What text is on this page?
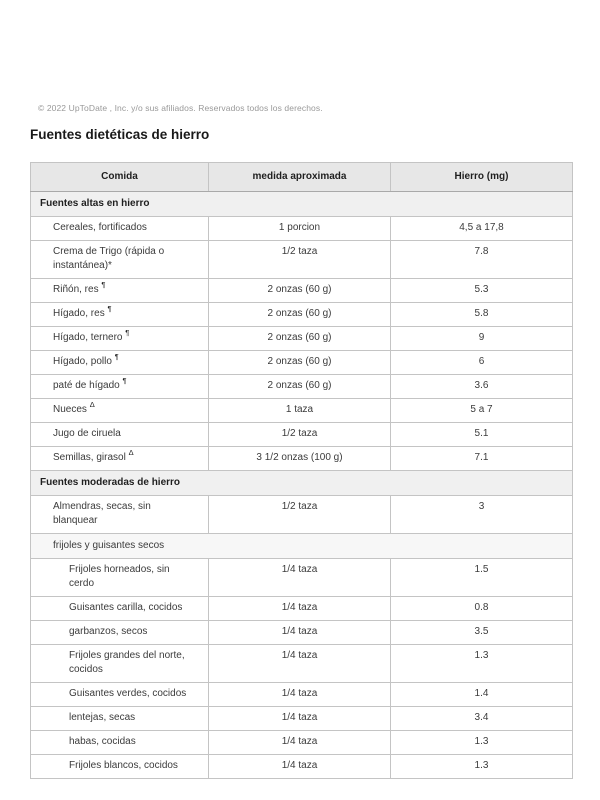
© 2022 UpToDate , Inc. y/o sus afiliados. Reservados todos los derechos.
Fuentes dietéticas de hierro
Comida	medida aproximada	Hierro (mg)
Fuentes altas en hierro		
Cereales, fortificados	1 porcion	4,5 a 17,8
Crema de Trigo (rápida o instantánea)*	1/2 taza	7.8
Riñón, res ¶	2 onzas (60 g)	5.3
Hígado, res ¶	2 onzas (60 g)	5.8
Hígado, ternero ¶	2 onzas (60 g)	9
Hígado, pollo ¶	2 onzas (60 g)	6
paté de hígado ¶	2 onzas (60 g)	3.6
Nueces $^\Delta$	1 taza	5 a 7
Jugo de ciruela	1/2 taza	5.1
Semillas, girasol $^\Delta$	3 1/2 onzas (100 g)	7.1
Fuentes moderadas de hierro		
Almendras, secas, sin blanquear	1/2 taza	3
frijoles y guisantes secos		
Frijoles horneados, sin cerdo	1/4 taza	1.5
Guisantes carilla, cocidos	1/4 taza	0.8
garbanzos, secos	1/4 taza	3.5
Frijoles grandes del norte, cocidos	1/4 taza	1.3
Guisantes verdes, cocidos	1/4 taza	1.4
lentejas, secas	1/4 taza	3.4
habas, cocidas	1/4 taza	1.3
Frijoles blancos, cocidos	1/4 taza	1.3
